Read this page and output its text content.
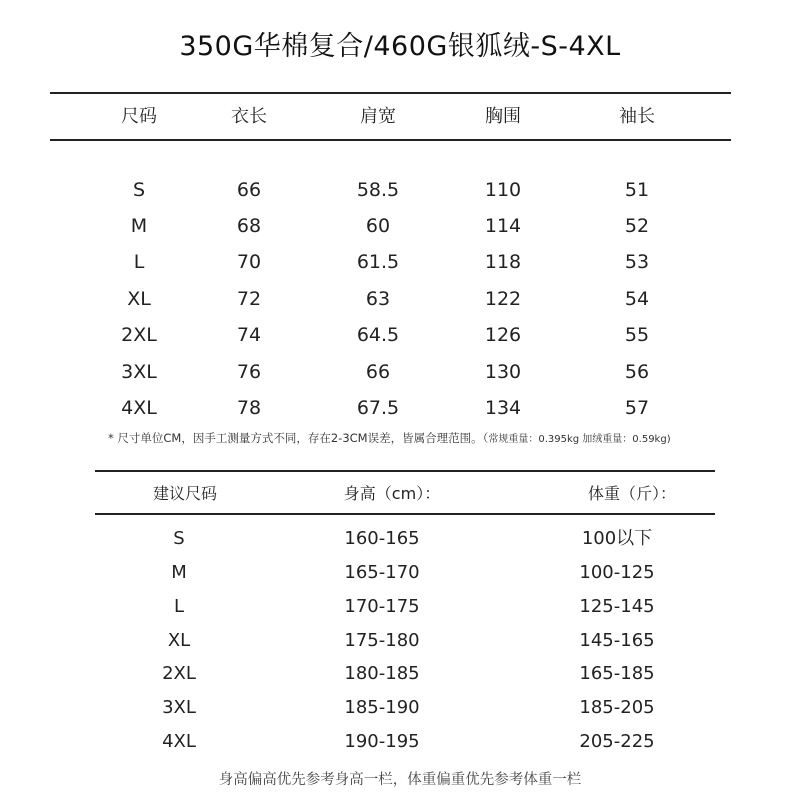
350G华棉复合/460G银狐绒-S-4XL
尺码	衣长	肩宽	胸围	袖长
S	66	58.5	110	51
M	68	60	114	52
L	70	61.5	118	53
XL	72	63	122	54
2XL	74	64.5	126	55
3XL	76	66	130	56
4XL	78	67.5	134	57
* 尺寸单位CM，因手工测量方式不同，存在2-3CM误差，皆属合理范围。（常规重量：0.395kg 加绒重量：0.59kg)
建议尺码	身高（cm）：	体重（斤）：
S	160-165	100以下
M	165-170	100-125
L	170-175	125-145
XL	175-180	145-165
2XL	180-185	165-185
3XL	185-190	185-205
4XL	190-195	205-225
身高偏高优先参考身高一栏，体重偏重优先参考体重一栏
